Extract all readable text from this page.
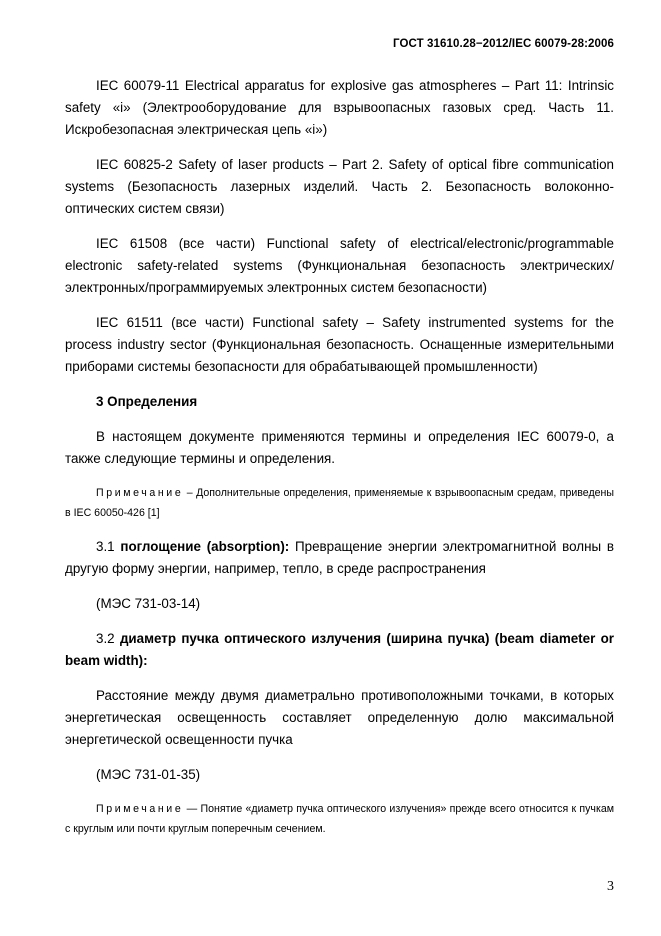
ГОСТ 31610.28−2012/IEC 60079-28:2006

IEC 60079-11 Electrical apparatus for explosive gas atmospheres – Part 11: Intrinsic safety «i» (Электрооборудование для взрывоопасных газовых сред. Часть 11. Искробезопасная электрическая цепь «i»)

IEC 60825-2 Safety of laser products – Part 2. Safety of optical fibre communication systems (Безопасность лазерных изделий. Часть 2. Безопасность волоконно-оптических систем связи)

IEC 61508 (все части) Functional safety of electrical/electronic/programmable electronic safety-related systems (Функциональная безопасность электрических/электронных/программируемых электронных систем безопасности)

IEC 61511 (все части) Functional safety – Safety instrumented systems for the process industry sector (Функциональная безопасность. Оснащенные измерительными приборами системы безопасности для обрабатывающей промышленности)

3 Определения

В настоящем документе применяются термины и определения IEC 60079-0, а также следующие термины и определения.

Примечание – Дополнительные определения, применяемые к взрывоопасным средам, приведены в IEC 60050-426 [1]

3.1 поглощение (absorption): Превращение энергии электромагнитной волны в другую форму энергии, например, тепло, в среде распространения

(МЭС 731-03-14)

3.2 диаметр пучка оптического излучения (ширина пучка) (beam diameter or beam width):

Расстояние между двумя диаметрально противоположными точками, в которых энергетическая освещенность составляет определенную долю максимальной энергетической освещенности пучка

(МЭС 731-01-35)

Примечание — Понятие «диаметр пучка оптического излучения» прежде всего относится к пучкам с круглым или почти круглым поперечным сечением.

3
